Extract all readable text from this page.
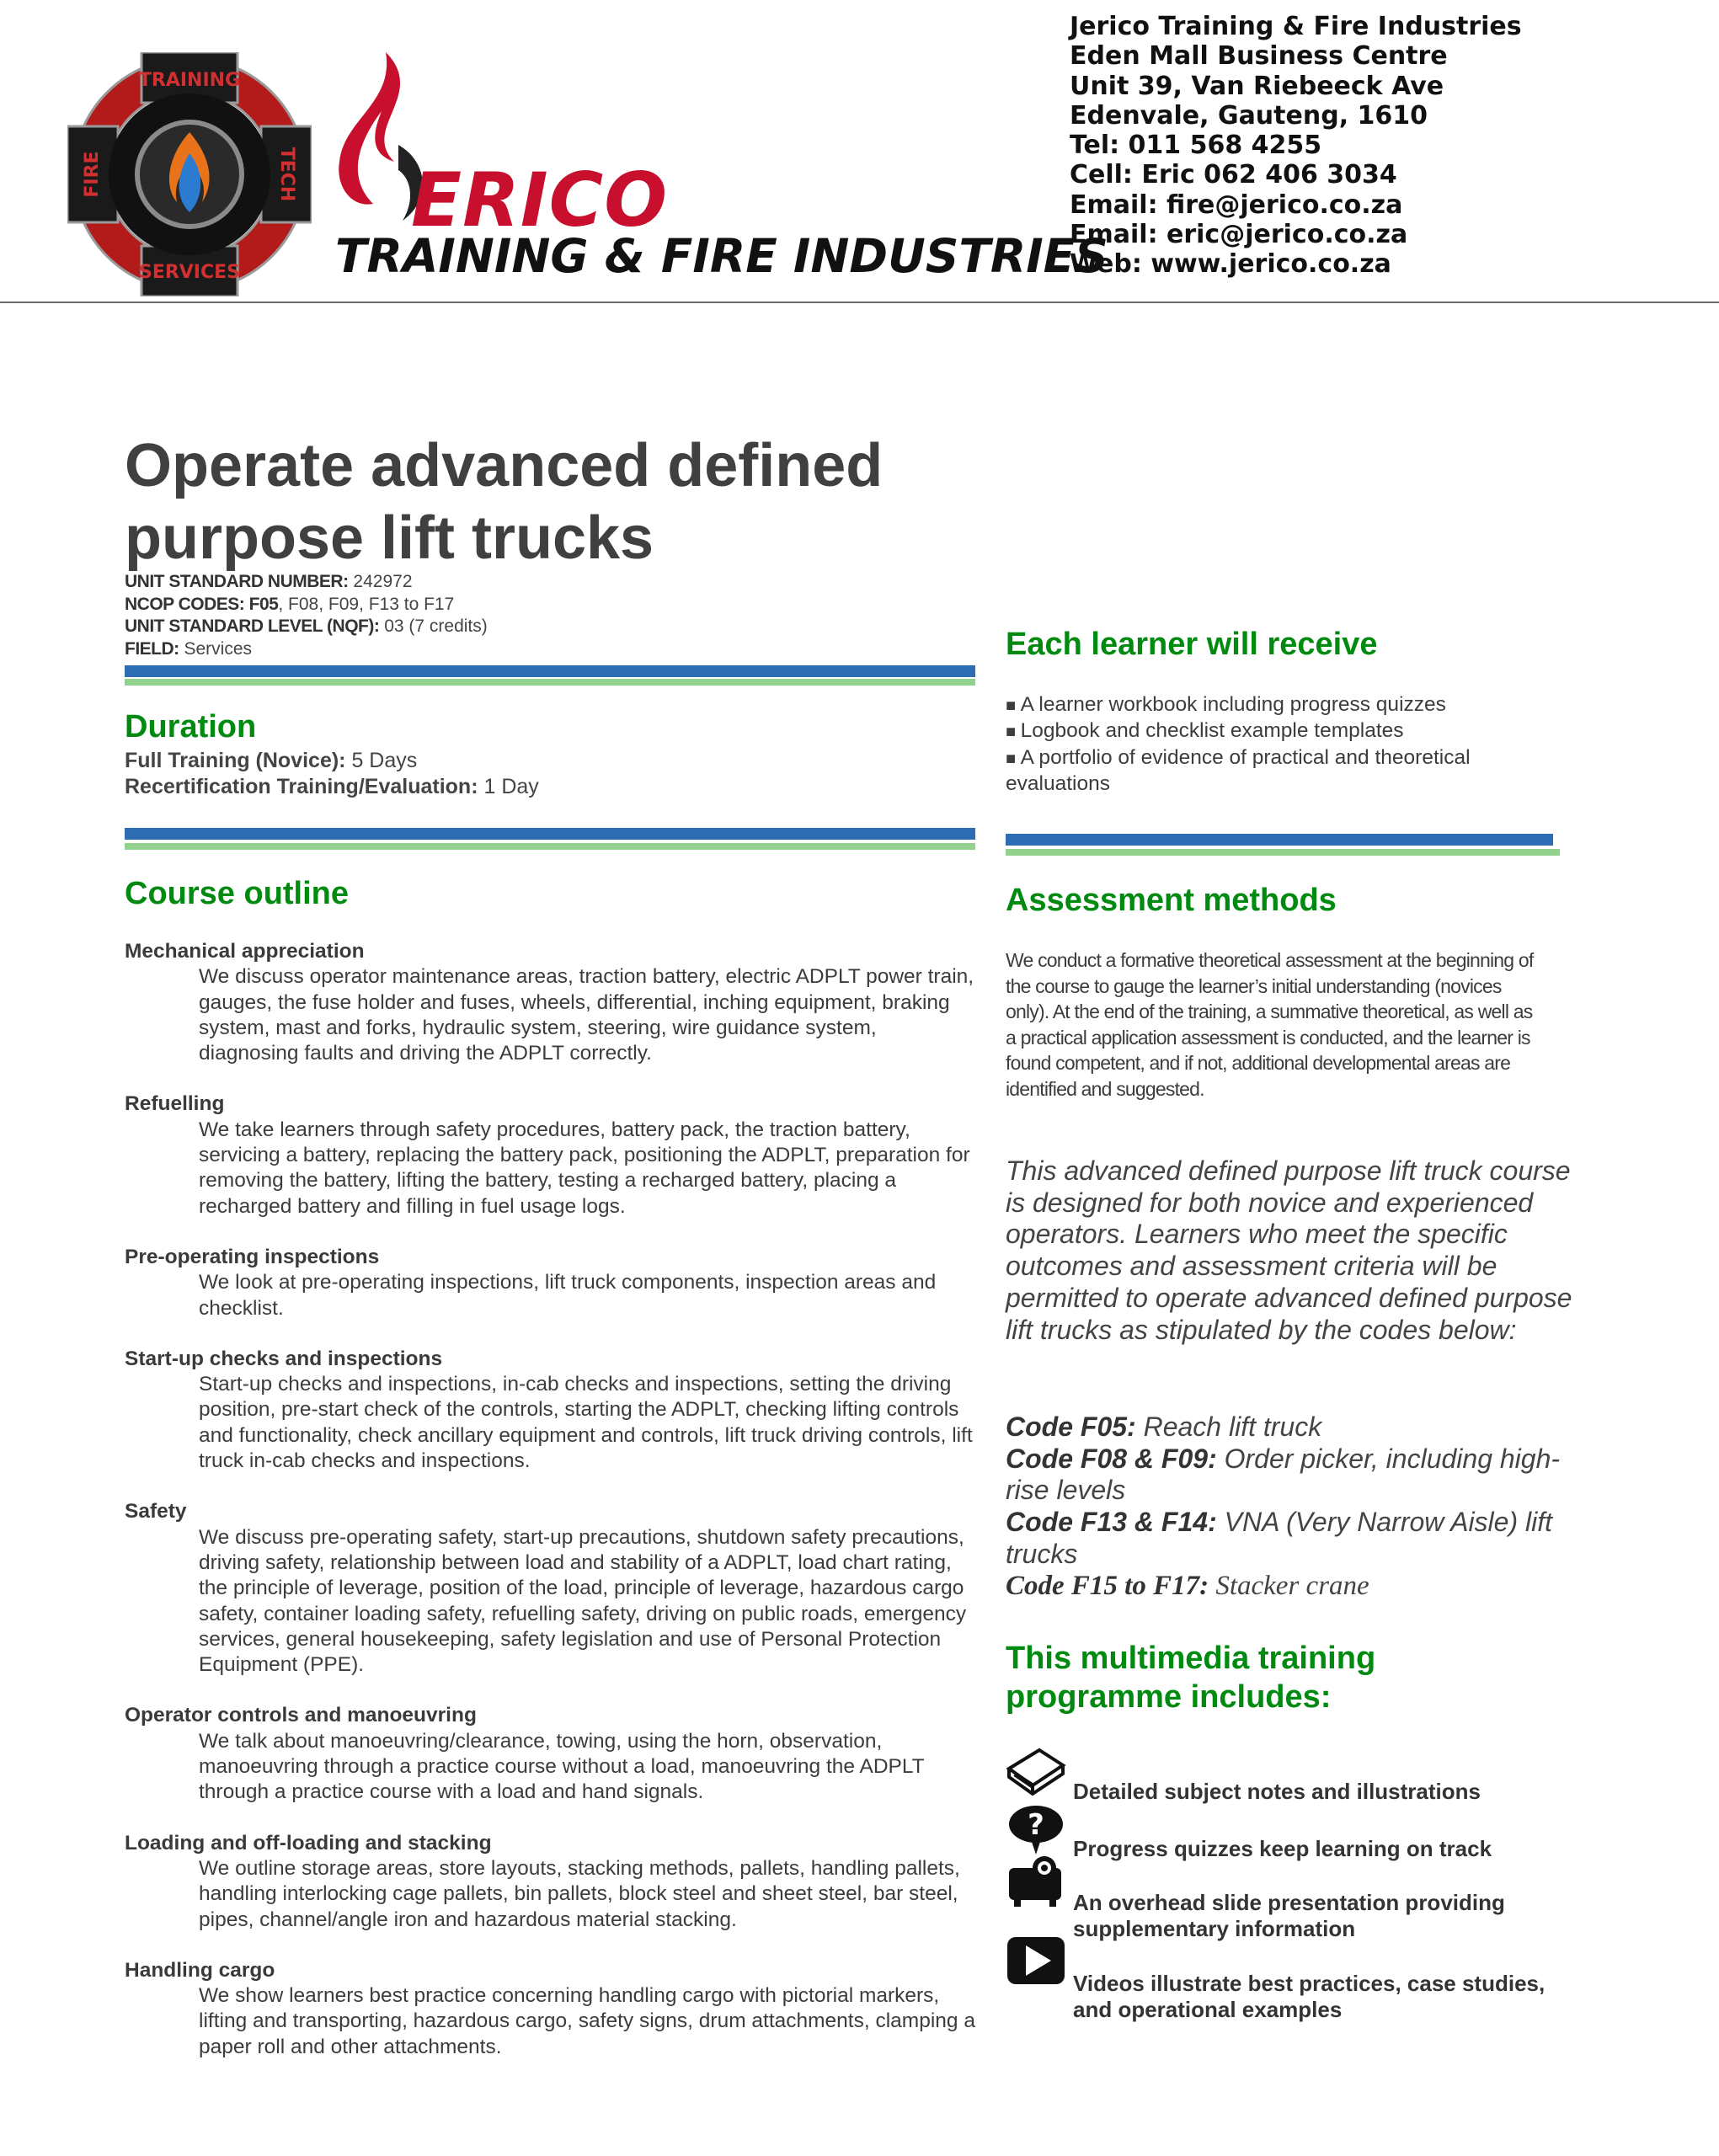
TRAINING
SERVICES
FIRE	TECH ERICO
TRAINING & FIRE INDUSTRIES
Jerico Training & Fire Industries
Eden Mall Business Centre
Unit 39, Van Riebeeck Ave
Edenvale, Gauteng, 1610
Tel: 011 568 4255
Cell: Eric 062 406 3034
Email: fire@jerico.co.za
Email: eric@jerico.co.za
Web: www.jerico.co.za
Operate advanced defined
purpose lift trucks
UNIT STANDARD NUMBER: 242972
NCOP CODES: F05, F08, F09, F13 to F17
UNIT STANDARD LEVEL (NQF): 03 (7 credits)
FIELD: Services
Duration
Full Training (Novice): 5 Days
Recertification Training/Evaluation: 1 Day
Course outline
Mechanical appreciation
We discuss operator maintenance areas, traction battery, electric ADPLT power train, gauges, the fuse holder and fuses, wheels, differential, inching equipment, braking system, mast and forks, hydraulic system, steering, wire guidance system, diagnosing faults and driving the ADPLT correctly.
Refuelling
We take learners through safety procedures, battery pack, the traction battery, servicing a battery, replacing the battery pack, positioning the ADPLT, preparation for removing the battery, lifting the battery, testing a recharged battery, placing a recharged battery and filling in fuel usage logs.
Pre-operating inspections
We look at pre-operating inspections, lift truck components, inspection areas and checklist.
Start-up checks and inspections
Start-up checks and inspections, in-cab checks and inspections, setting the driving position, pre-start check of the controls, starting the ADPLT, checking lifting controls and functionality, check ancillary equipment and controls, lift truck driving controls, lift truck in-cab checks and inspections.
Safety
We discuss pre-operating safety, start-up precautions, shutdown safety precautions, driving safety, relationship between load and stability of a ADPLT, load chart rating, the principle of leverage, position of the load, principle of leverage, hazardous cargo safety, container loading safety, refuelling safety, driving on public roads, emergency services, general housekeeping, safety legislation and use of Personal Protection Equipment (PPE).
Operator controls and manoeuvring
We talk about manoeuvring/clearance, towing, using the horn, observation, manoeuvring through a practice course without a load, manoeuvring the ADPLT through a practice course with a load and hand signals.
Loading and off-loading and stacking
We outline storage areas, store layouts, stacking methods, pallets, handling pallets, handling interlocking cage pallets, bin pallets, block steel and sheet steel, bar steel, pipes, channel/angle iron and hazardous material stacking.
Handling cargo
We show learners best practice concerning handling cargo with pictorial markers, lifting and transporting, hazardous cargo, safety signs, drum attachments, clamping a paper roll and other attachments.
Each learner will receive
■ A learner workbook including progress quizzes
■ Logbook and checklist example templates
■ A portfolio of evidence of practical and theoretical evaluations
Assessment methods
We conduct a formative theoretical assessment at the beginning of the course to gauge the learner’s initial understanding (novices only). At the end of the training, a summative theoretical, as well as a practical application assessment is conducted, and the learner is found competent, and if not, additional developmental areas are identified and suggested.
This advanced defined purpose lift truck course is designed for both novice and experienced operators. Learners who meet the specific outcomes and assessment criteria will be permitted to operate advanced defined purpose lift trucks as stipulated by the codes below:
Code F05: Reach lift truck
Code F08 & F09: Order picker, including high-rise levels
Code F13 & F14: VNA (Very Narrow Aisle) lift trucks
Code F15 to F17: Stacker crane
This multimedia training programme includes:
Detailed subject notes and illustrations
?
Progress quizzes keep learning on track
An overhead slide presentation providing supplementary information
Videos illustrate best practices, case studies, and operational examples
